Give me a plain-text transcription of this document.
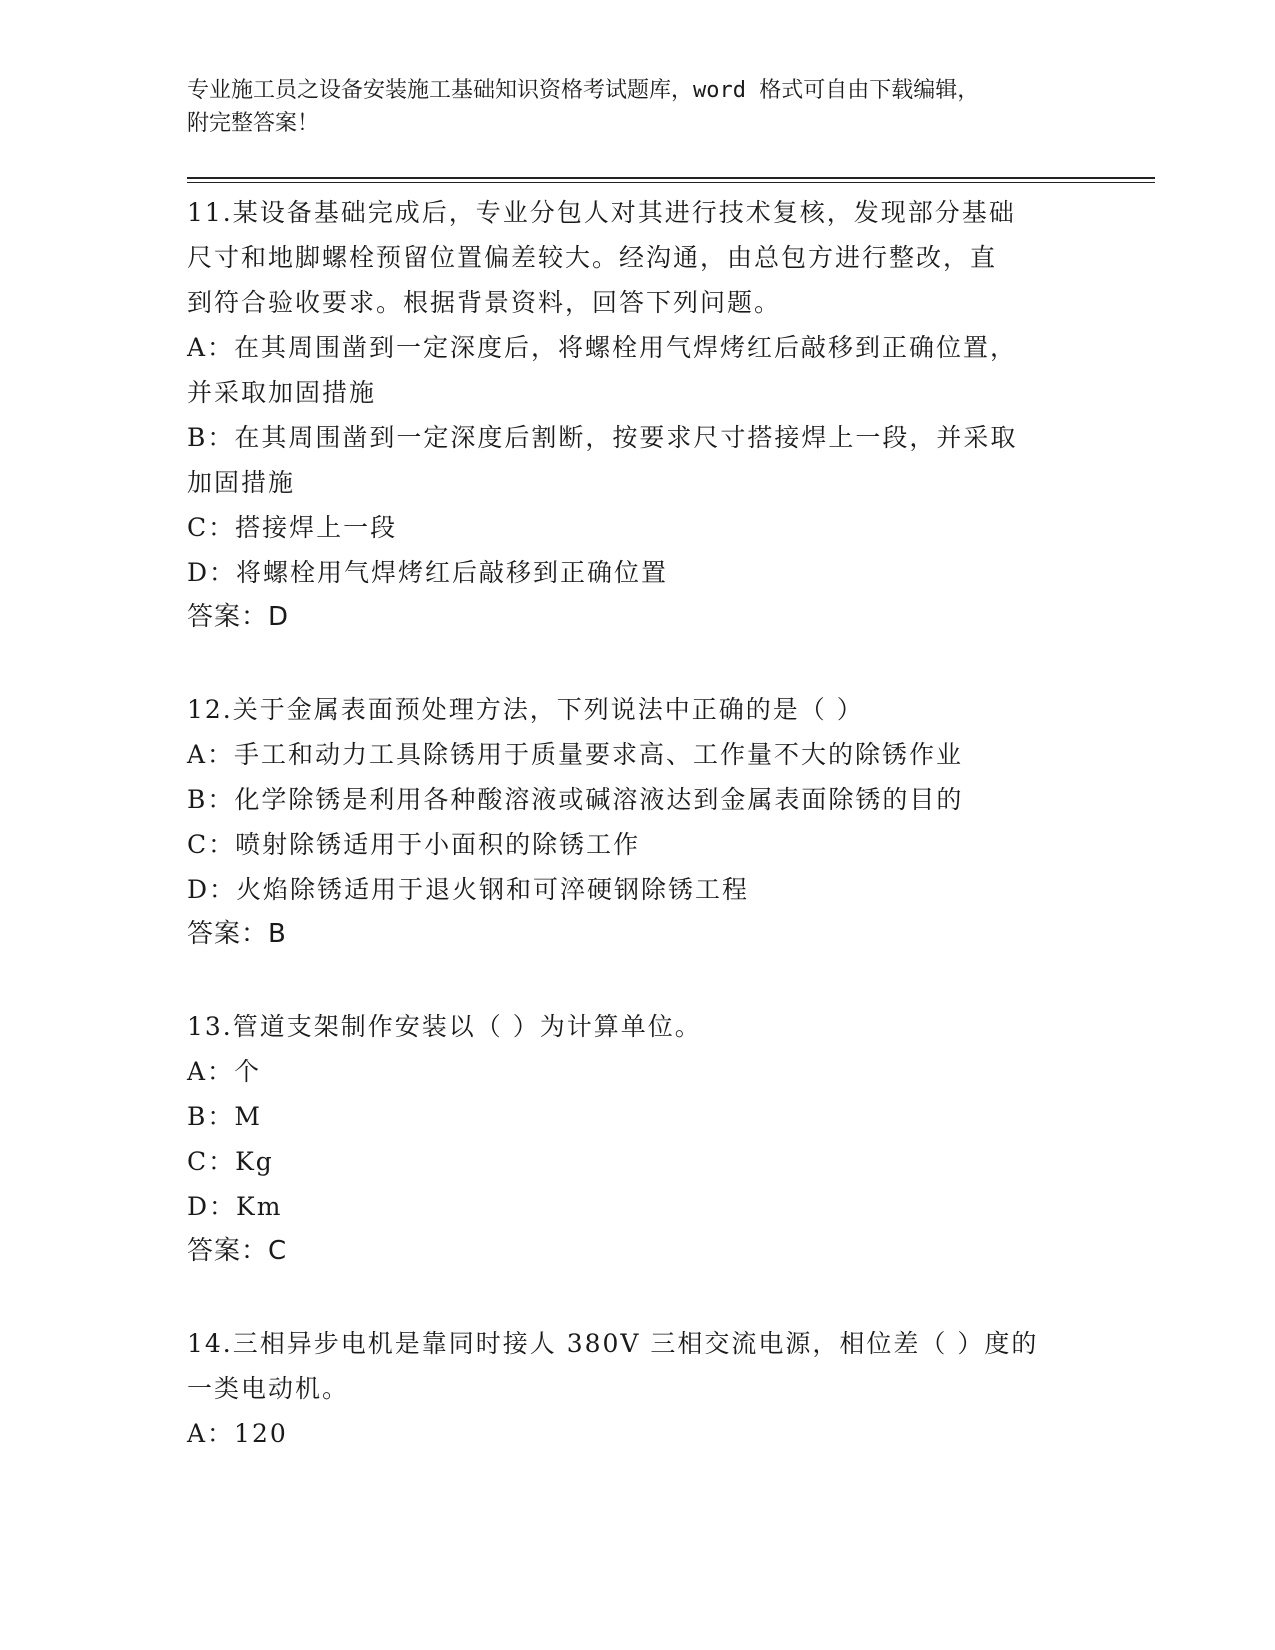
专业施工员之设备安装施工基础知识资格考试题库，word 格式可自由下载编辑，
附完整答案！
11.某设备基础完成后，专业分包人对其进行技术复核，发现部分基础
尺寸和地脚螺栓预留位置偏差较大。经沟通，由总包方进行整改，直
到符合验收要求。根据背景资料，回答下列问题。
A：在其周围凿到一定深度后，将螺栓用气焊烤红后敲移到正确位置，
并采取加固措施
B：在其周围凿到一定深度后割断，按要求尺寸搭接焊上一段，并采取
加固措施
C：搭接焊上一段
D：将螺栓用气焊烤红后敲移到正确位置
答案：D
12.关于金属表面预处理方法，下列说法中正确的是（ ）
A：手工和动力工具除锈用于质量要求高、工作量不大的除锈作业
B：化学除锈是利用各种酸溶液或碱溶液达到金属表面除锈的目的
C：喷射除锈适用于小面积的除锈工作
D：火焰除锈适用于退火钢和可淬硬钢除锈工程
答案：B
13.管道支架制作安装以（ ）为计算单位。
A：个
B：M
C：Kg
D：Km
答案：C
14.三相异步电机是靠同时接人 380V 三相交流电源，相位差（ ）度的
一类电动机。
A：120
